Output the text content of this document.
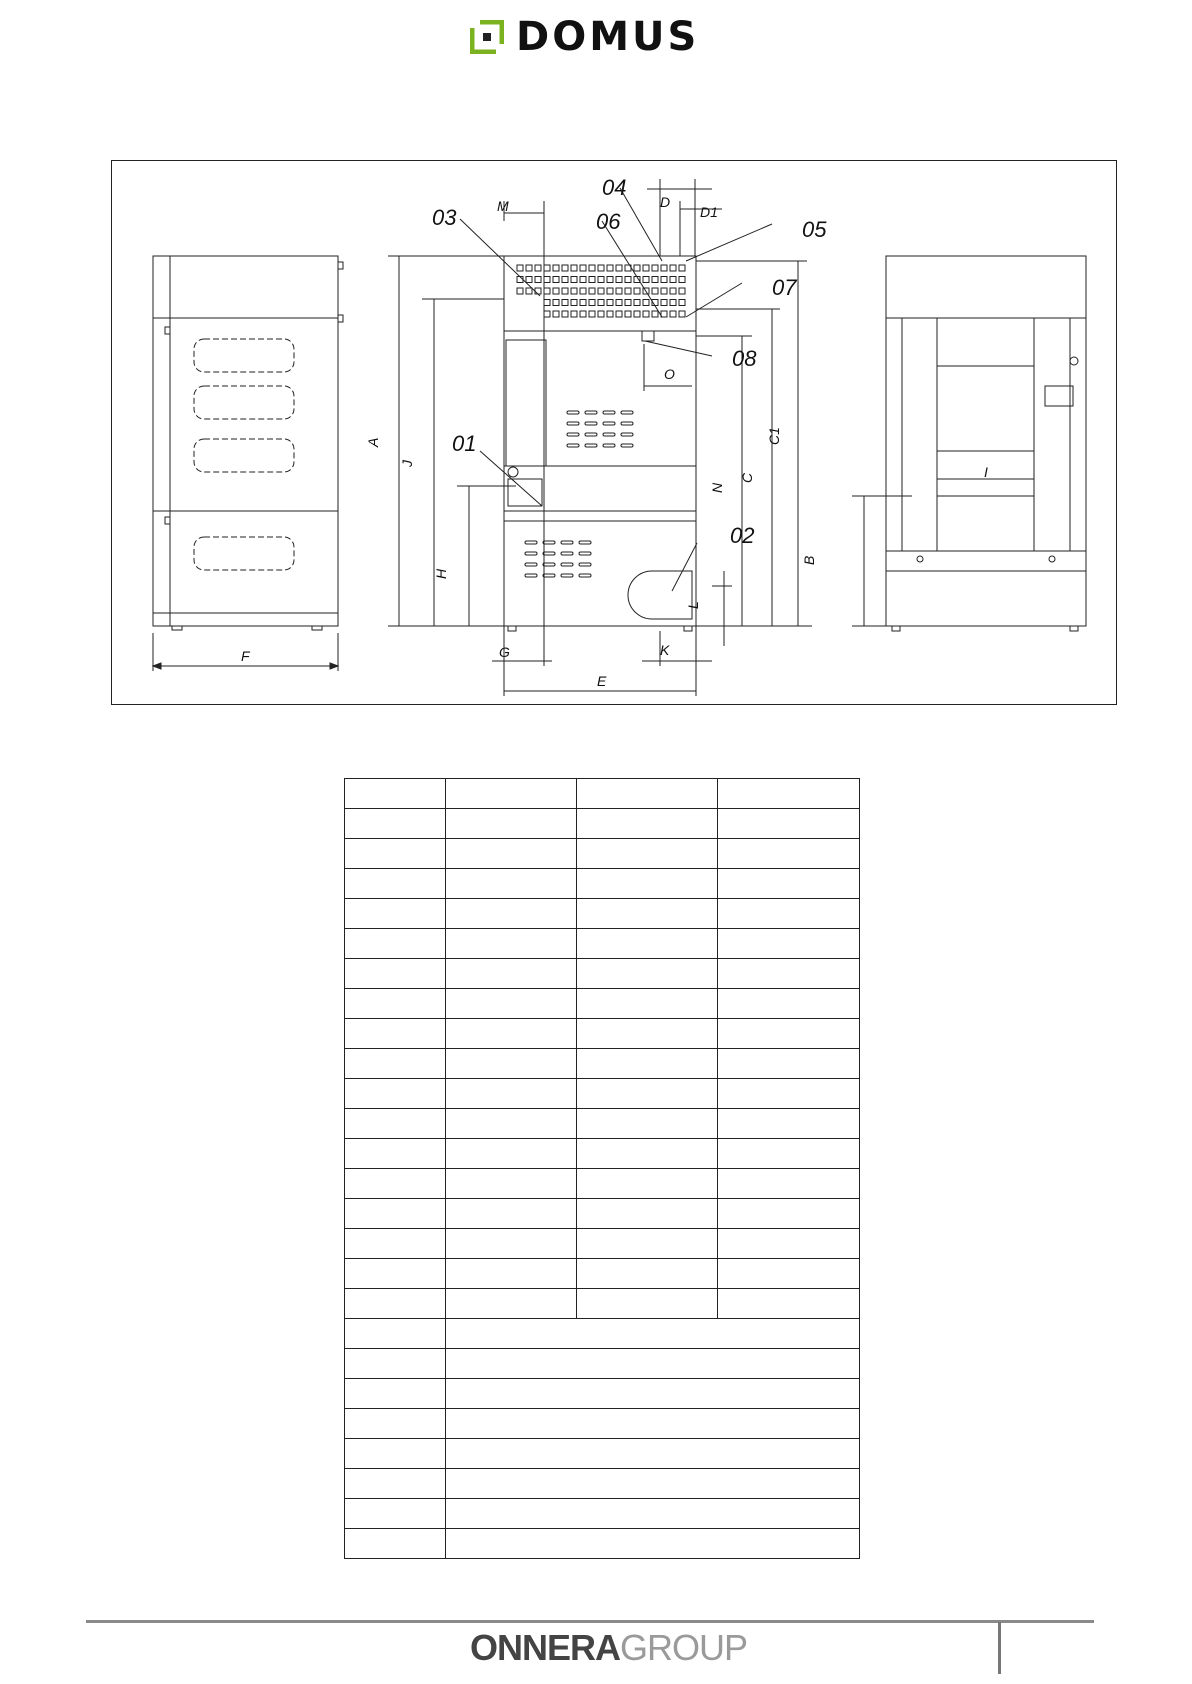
DOMUS
03
04
05
06
07
08
01
02
F
A
J
H
M
G
E
K
L
N
C
C1
D
D1
O
B
I

ONNERAGROUP
